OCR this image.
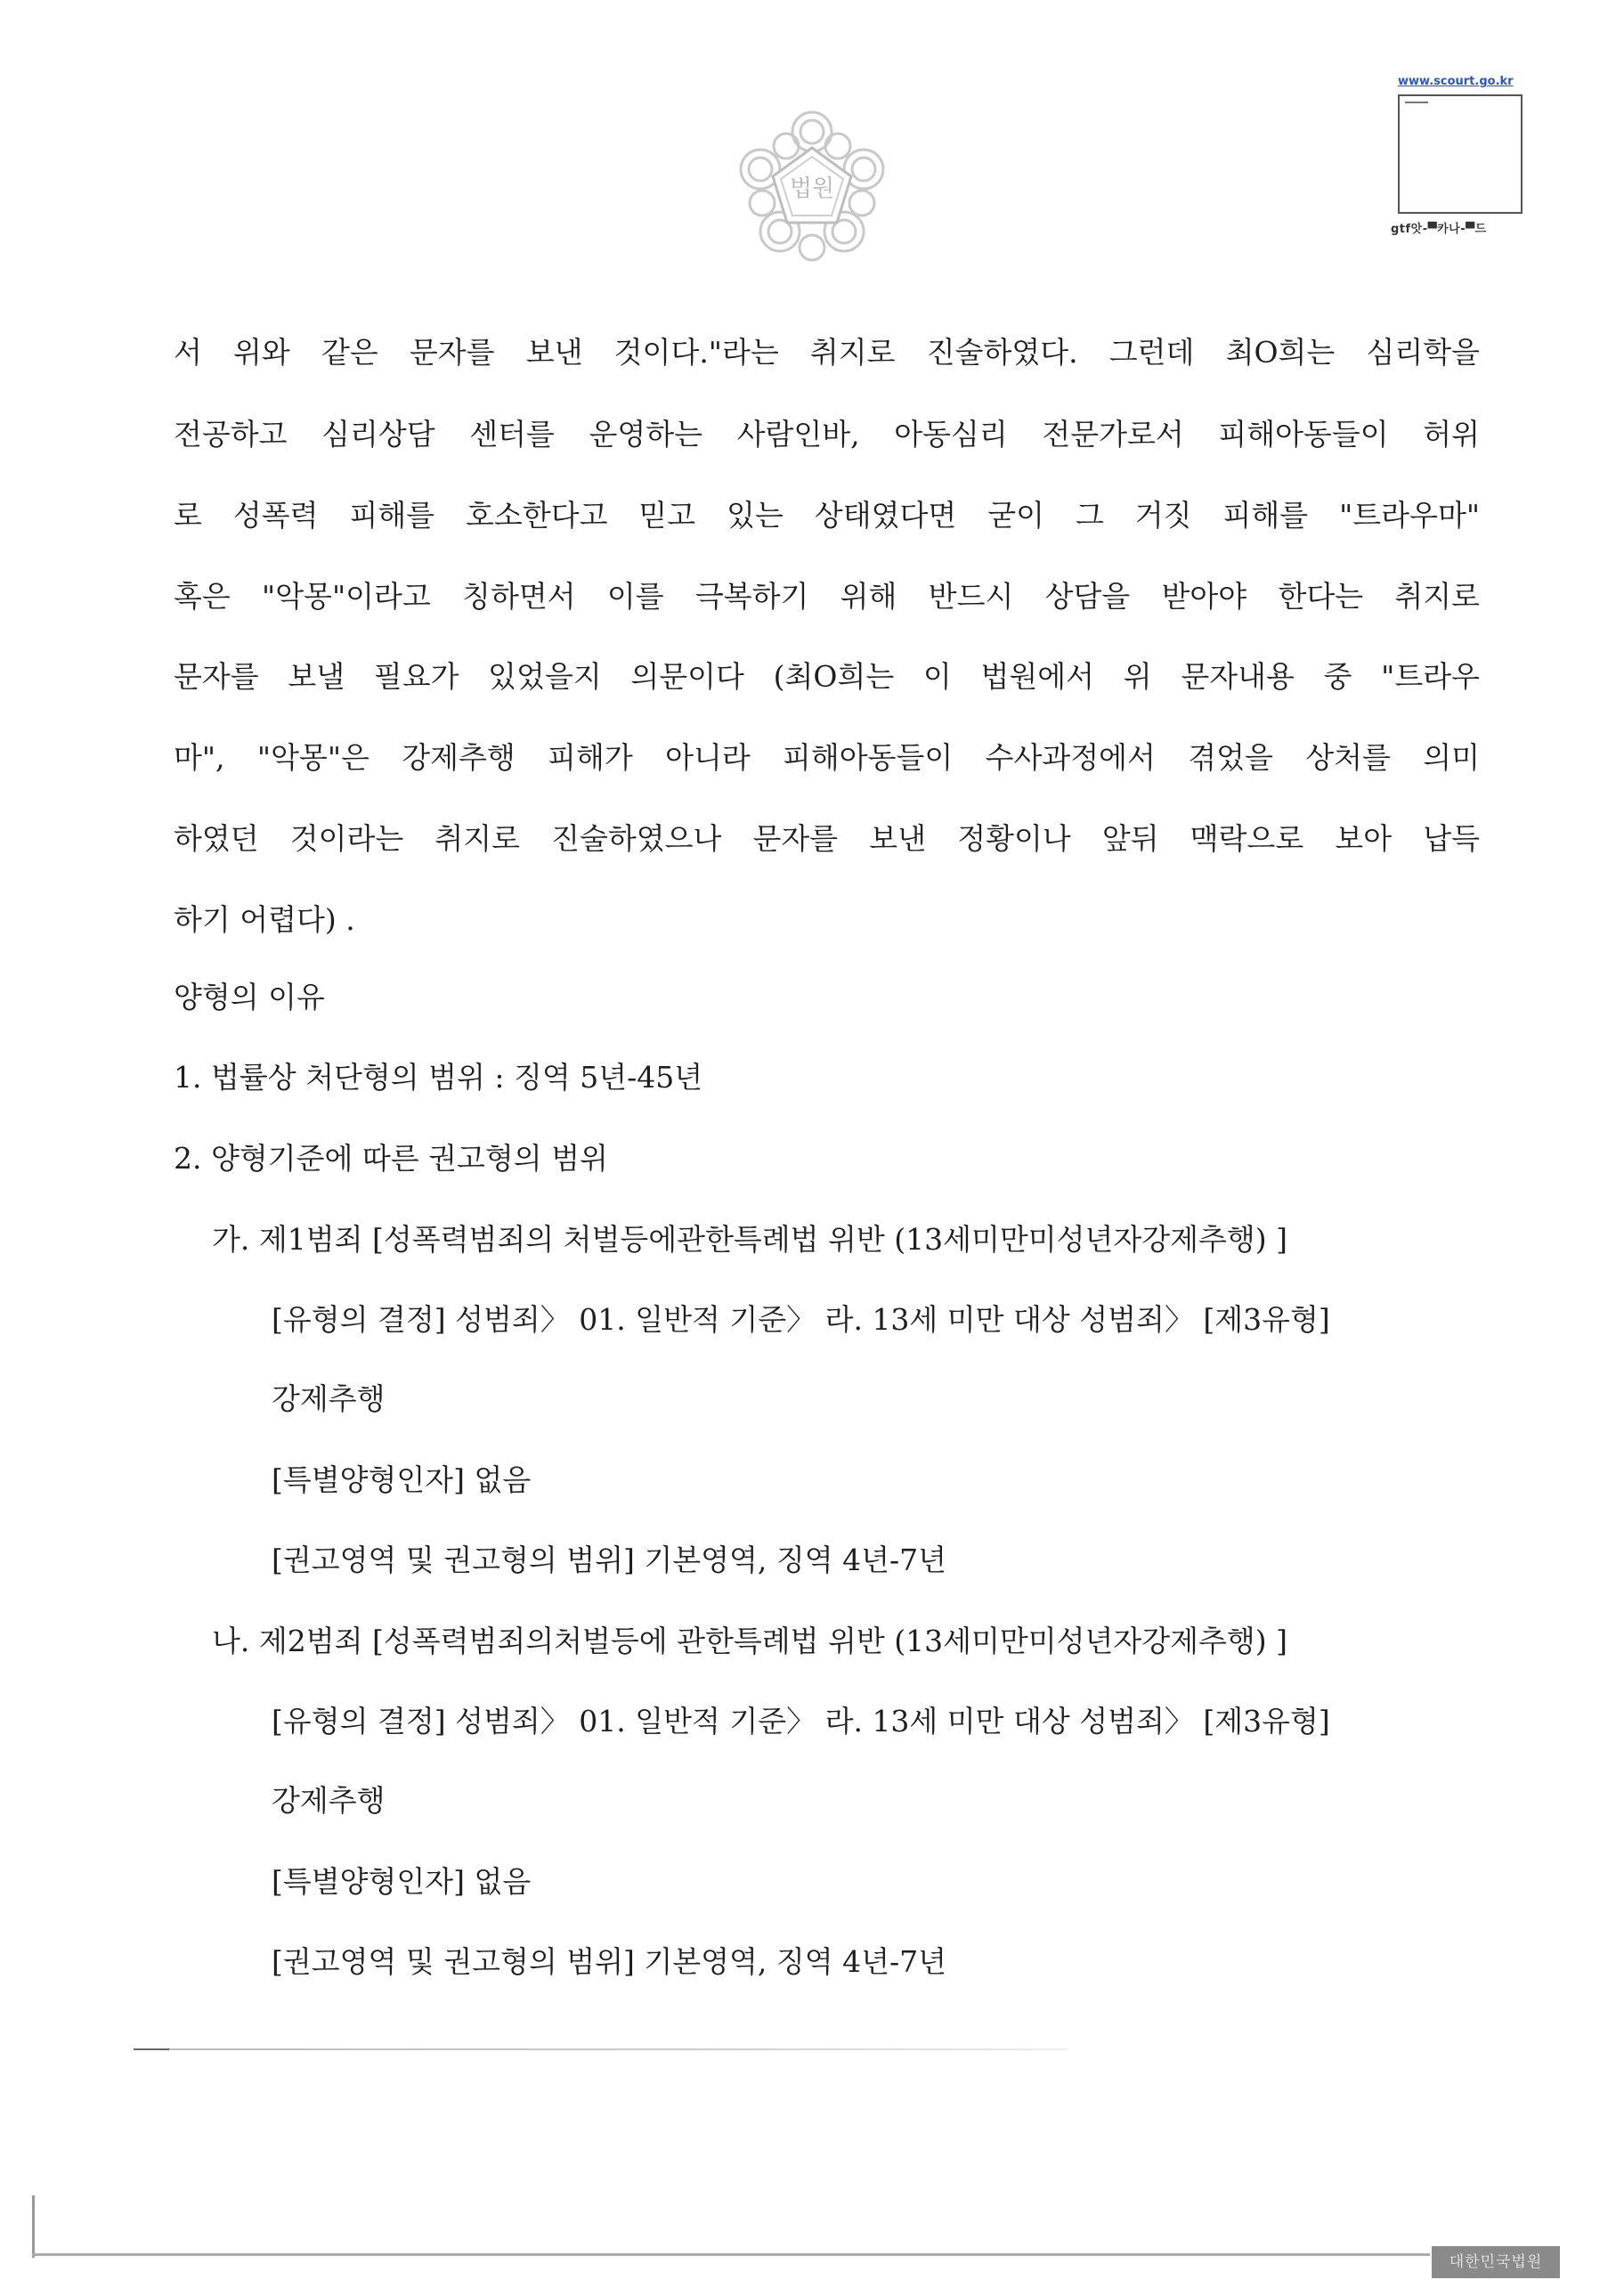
법원
www.scourt.go.kr
gtf앗-▀카나-▀드
서 위와 같은 문자를 보낸 것이다."라는 취지로 진술하였다. 그런데 최O희는 심리학을
전공하고 심리상담 센터를 운영하는 사람인바, 아동심리 전문가로서 피해아동들이 허위
로 성폭력 피해를 호소한다고 믿고 있는 상태였다면 굳이 그 거짓 피해를 "트라우마"
혹은 "악몽"이라고 칭하면서 이를 극복하기 위해 반드시 상담을 받아야 한다는 취지로
문자를 보낼 필요가 있었을지 의문이다 (최O희는 이 법원에서 위 문자내용 중 "트라우
마", "악몽"은 강제추행 피해가 아니라 피해아동들이 수사과정에서 겪었을 상처를 의미
하였던 것이라는 취지로 진술하였으나 문자를 보낸 정황이나 앞뒤 맥락으로 보아 납득
하기 어렵다) .
양형의 이유
1. 법률상 처단형의 범위 : 징역 5년-45년
2. 양형기준에 따른 권고형의 범위
가. 제1범죄 [성폭력범죄의 처벌등에관한특례법 위반 (13세미만미성년자강제추행) ]
[유형의 결정] 성범죄〉 01. 일반적 기준〉 라. 13세 미만 대상 성범죄〉 [제3유형]
강제추행
[특별양형인자] 없음
[권고영역 및 권고형의 범위] 기본영역, 징역 4년-7년
나. 제2범죄 [성폭력범죄의처벌등에 관한특례법 위반 (13세미만미성년자강제추행) ]
[유형의 결정] 성범죄〉 01. 일반적 기준〉 라. 13세 미만 대상 성범죄〉 [제3유형]
강제추행
[특별양형인자] 없음
[권고영역 및 권고형의 범위] 기본영역, 징역 4년-7년
대한민국법원
